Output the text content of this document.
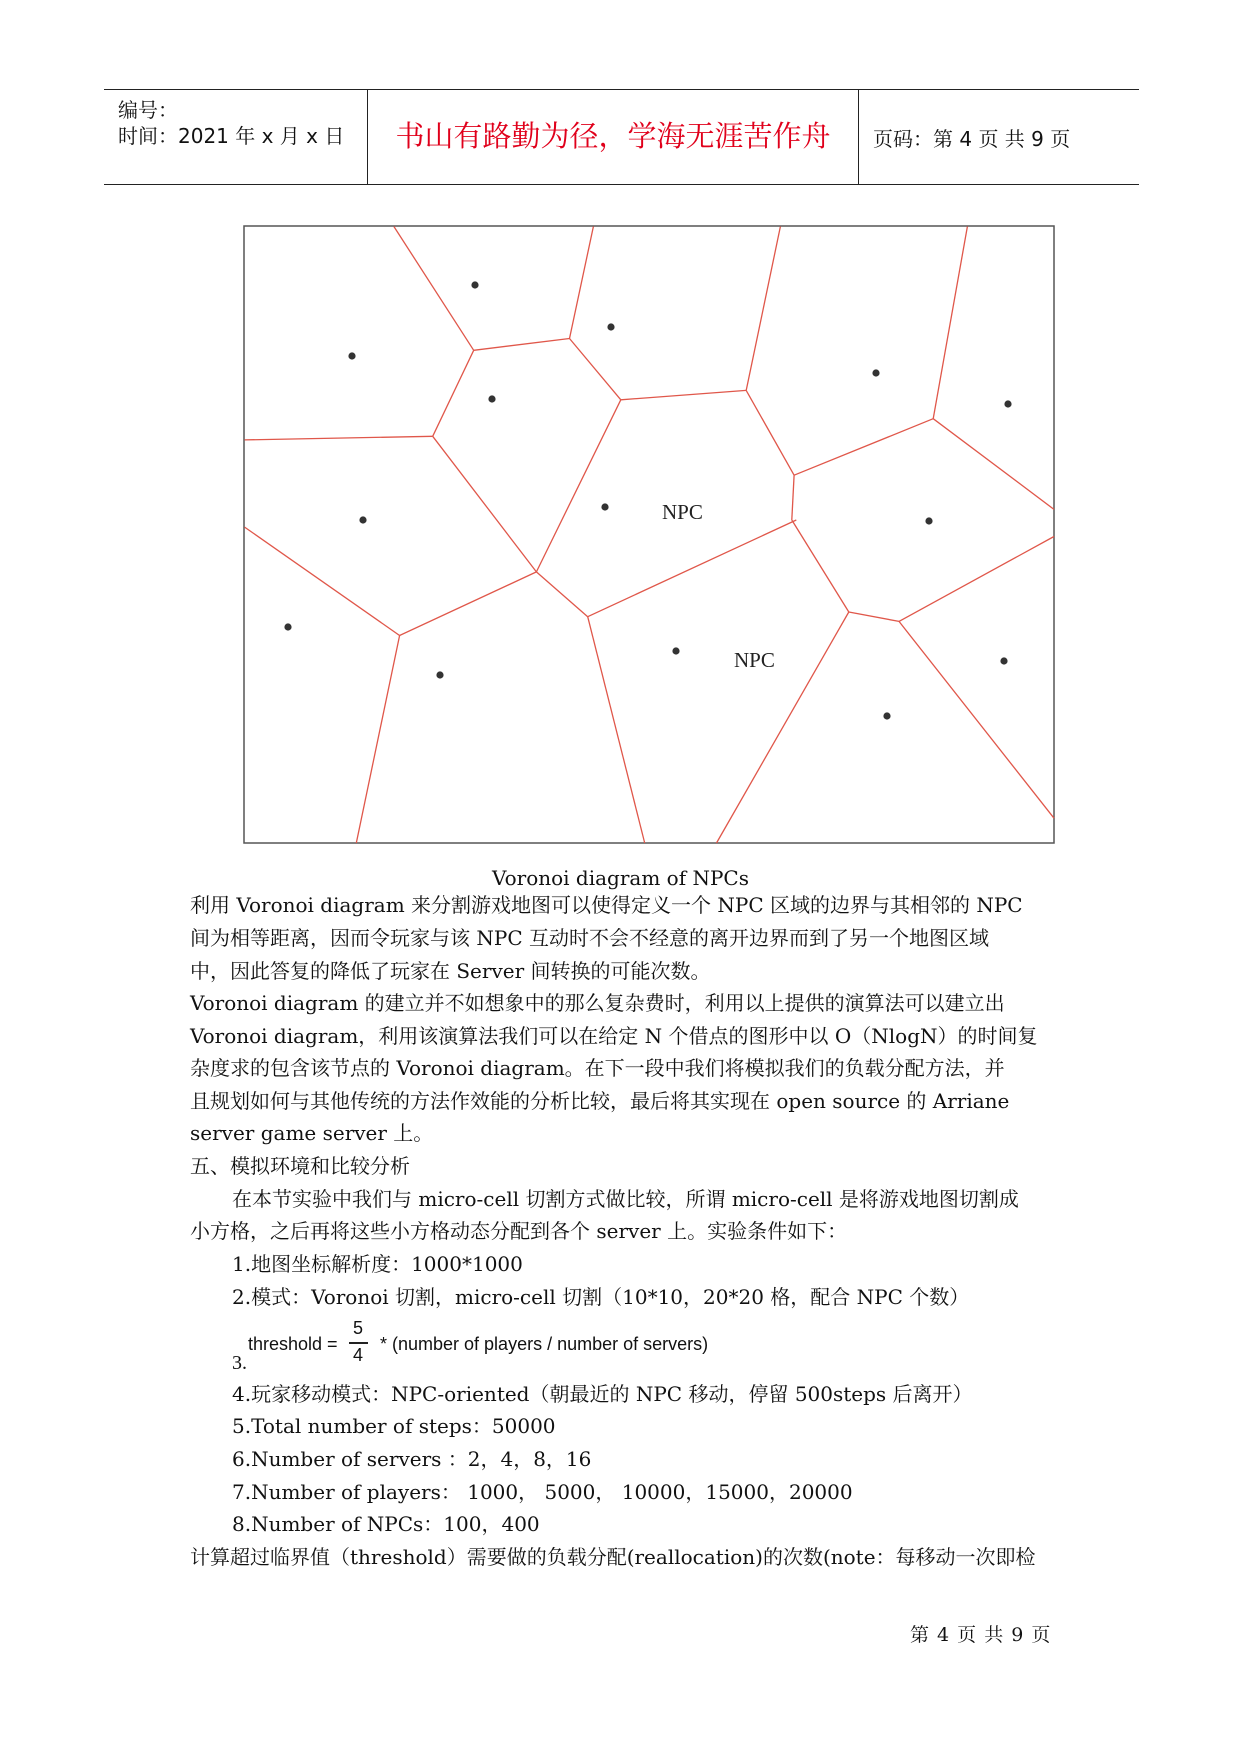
编号：
时间：2021 年 x 月 x 日	书山有路勤为径，学海无涯苦作舟	页码：第 4 页 共 9 页
NPC
NPC
Voronoi diagram of NPCs
利用 Voronoi diagram 来分割游戏地图可以使得定义一个 NPC 区域的边界与其相邻的 NPC
间为相等距离，因而令玩家与该 NPC 互动时不会不经意的离开边界而到了另一个地图区域
中，因此答复的降低了玩家在 Server 间转换的可能次数。
Voronoi diagram 的建立并不如想象中的那么复杂费时，利用以上提供的演算法可以建立出
Voronoi diagram，利用该演算法我们可以在给定 N 个借点的图形中以 O（NlogN）的时间复
杂度求的包含该节点的 Voronoi diagram。在下一段中我们将模拟我们的负载分配方法，并
且规划如何与其他传统的方法作效能的分析比较，最后将其实现在 open source 的 Arriane
server game server 上。
五、模拟环境和比较分析
在本节实验中我们与 micro-cell 切割方式做比较，所谓 micro-cell 是将游戏地图切割成
小方格，之后再将这些小方格动态分配到各个 server 上。实验条件如下：
1.地图坐标解析度：1000*1000
2.模式：Voronoi 切割，micro-cell 切割（10*10，20*20 格，配合 NPC 个数）
3.
threshold =
5
4
* (number of players / number of servers)
4.玩家移动模式：NPC-oriented（朝最近的 NPC 移动，停留 500steps 后离开）
5.Total number of steps：50000
6.Number of servers ：2，4，8，16
7.Number of players： 1000， 5000， 10000，15000，20000
8.Number of NPCs：100，400
计算超过临界值（threshold）需要做的负载分配(reallocation)的次数(note：每移动一次即检
第 4 页 共 9 页
